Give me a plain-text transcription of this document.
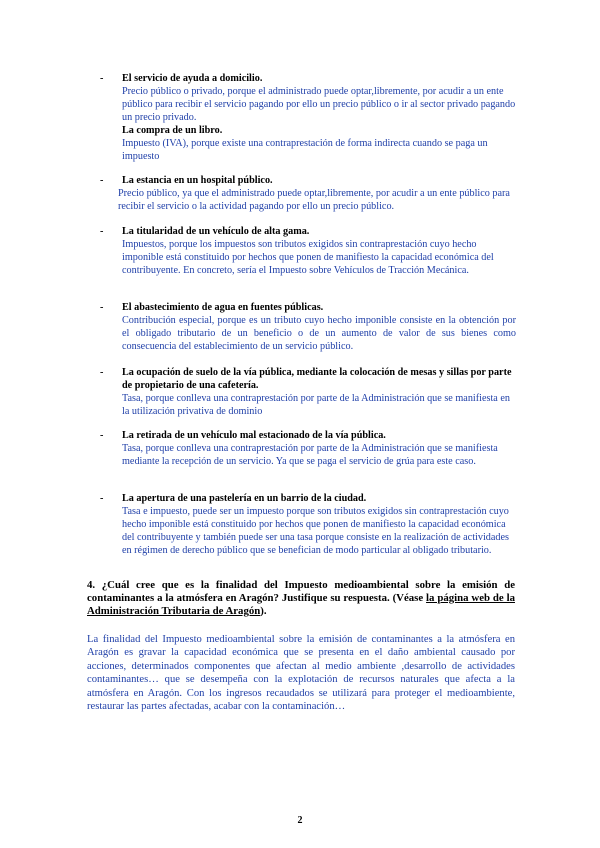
-	El servicio de ayuda a domicilio.
Precio público o privado, porque el administrado puede optar,libremente, por acudir a un ente público para recibir el servicio pagando por ello un precio público o ir al sector privado pagando un precio privado.
La compra de un libro.
Impuesto (IVA), porque existe una contraprestación de forma indirecta cuando se paga un impuesto
-	La estancia en un hospital público.
Precio público, ya que el administrado puede optar,libremente, por acudir a un ente público para recibir el servicio o la actividad pagando por ello un precio público.
-	La titularidad de un vehículo de alta gama.
Impuestos, porque los impuestos son tributos exigidos sin contraprestación cuyo hecho imponible está constituido por hechos que ponen de manifiesto la capacidad económica del contribuyente. En concreto, sería el Impuesto sobre Vehículos de Tracción Mecánica.
-	El abastecimiento de agua en fuentes públicas.
Contribución especial, porque es un tributo cuyo hecho imponible consiste en la obtención por el obligado tributario de un beneficio o de un aumento de valor de sus bienes como consecuencia del establecimiento de un servicio público.
-	La ocupación de suelo de la vía pública, mediante la colocación de mesas y sillas por parte de propietario de una cafetería.
Tasa, porque conlleva una contraprestación por parte de la Administración que se manifiesta en la utilización privativa de dominio
-	La retirada de un vehículo mal estacionado de la vía pública.
Tasa, porque conlleva una contraprestación por parte de la Administración que se manifiesta mediante la recepción de un servicio. Ya que se paga el servicio de grúa para este caso.
-	La apertura de una pastelería en un barrio de la ciudad.
Tasa e impuesto, puede ser un impuesto porque son tributos exigidos sin contraprestación cuyo hecho imponible está constituido por hechos que ponen de manifiesto la capacidad económica del contribuyente y también puede ser una tasa porque consiste en la realización de actividades en régimen de derecho público que se benefician de modo particular al obligado tributario.
4. ¿Cuál cree que es la finalidad del Impuesto medioambiental sobre la emisión de contaminantes a la atmósfera en Aragón? Justifique su respuesta. (Véase la página web de la Administración Tributaria de Aragón).
La finalidad del Impuesto medioambiental sobre la emisión de contaminantes a la atmósfera en Aragón es gravar la capacidad económica que se presenta en el daño ambiental causado por acciones, determinados componentes que afectan al medio ambiente ,desarrollo de actividades contaminantes… que se desempeña con la explotación de recursos naturales que afecta a la atmósfera en Aragón. Con los ingresos recaudados se utilizará para proteger el medioambiente, restaurar las partes afectadas, acabar con la contaminación…
2
